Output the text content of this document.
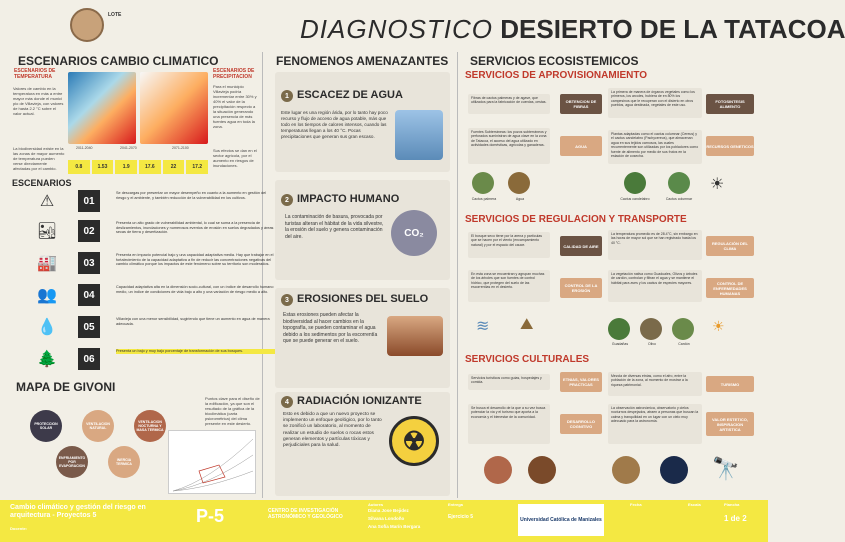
LOTE	DIAGNOSTICO DESIERTO DE LA TATACOA
ESCENARIOS CAMBIO CLIMATICO
ESCENARIOS DE TEMPERATURA
Valores de cambio en la temperatura en más a entre mayor más donde el munici pio de Villavieja, con valores de hasta 2.2 °C sobre el valor actual.
La biodiversidad existe en la las zonas de mayor aumento de temperatura pueden verse directamente afectadas por el cambio.
2011-2040	2041-2070	2071-2100
0.8	1.53	1.9	17.6	22	17.2
ESCENARIOS DE PRECIPITACION
Para el municipio Villavieja podría incrementar entre 30% y 40% el valor de la precipitación respecto a la situación generando una presencia de más fuentes agua en toda la zona.
Sus efectos se dan en el sector agrícola, por el aumento en riesgos de inundaciones.
ESCENARIOS
⚠	01
Se descargas por presentar un mayor desempeño en cuanto a la aumento en gestión del riesgo y el ambiente, y también reducción de la vulnerabilidad en los cultivos.
🏜	02
Presenta un alto grado de vulnerabilidad ambiental, lo cual se suma a la presencia de deslizamientos, inundaciones y numerosos eventos de erosión en suelos degradados y áreas secas de tierra y desertización.
🏭	03
Presenta en impacto potencial bajo y una capacidad adaptativa media. Hay que trabajar en el fortalecimiento de la capacidad adaptativa a fin de reducir las concentraciones negativas del cambio climático porque los impactos de este fenómeno sobre su territorio son moderados.
👥	04
Capacidad adaptativa alta en la dimensión socio-cultural, con un índice de desarrollo humano medio, un índice de condiciones de vida bajo a alto y una variación de riesgo medio a alto.
💧	05
Villavieja con una menor sensibilidad, sugiriendo que tiene un aumento en agua de manera adecuada.
🌲	06
Presenta un bajo y muy bajo porcentaje de transformación de sus bosques.
MAPA DE GIVONI
PROTECCION SOLAR
VENTILACION NATURAL
VENTILACION NOCTURNA Y MASA TERMICA
ENFRIAMIENTO POR EVAPORACION
INERCIA TERMICA
Puntos clave para el diseño de la edificación, ya que son el resultado de la gráfica de la bioclimática (carta psicrométrica) del clima presente en este desierto.
FENOMENOS AMENAZANTES
1 ESCACEZ DE AGUA
Este lugar es una región árida, por lo tanto hay poco recurso y flujo de acceso de agua potable, más que todo en los tiempos de calores intensos, cuando las temperaturas llegan a los 40 °C. Pocas precipitaciones que generan sus gran escaso.
2 IMPACTO HUMANO
La contaminación de basura, provocada por turistas alteran el hábitat de la vida silvestre, la erosión del suelo y genera contaminación del aire.	CO₂
3 EROSIONES DEL SUELO
Estas erosiones pueden afectar la biodiversidad al hacer cambios en la topografía, se pueden contaminar el agua debido a los sedimentos por la escorrentía que se puede generar en el suelo.
4 RADIACIÓN IONIZANTE
Esto es debido a que un nuevo proyecto se implemento un enfoque geológico, por lo tanto se zonificó un laboratorio, al momento de realizar un estudio de suelos o rocas estos generan elementos y partículas tóxicas y perjudiciales para la salud.	☢
SERVICIOS ECOSISTEMICOS
SERVICIOS DE APROVISIONAMIENTO
Fibras de cactus palmeras y de agave, que utilizados para la fabricación de cuerdas, cestas.	OBTENCION DE FIBRAS
La primera de manera de órganos vegetales como los primeros, los arcoles, hubiera de en 80% los campesinos que le recuperan con el disierto en otros pueblos, agua destinada, vegetales de este uso.
FOTOSINTESIS ALIMENTO
Fuentes Subterráneas: los pozos subterráneos y perforados suministran de agua clave en la zona de Tatacoa, el acceso del agua utilizado en actividades domésticas, agrícolas y ganaderas.	AGUA
Plantas adaptadas como el cactus columnar (Cereus) y el cactus candelabro (Pachycereus), que almacenan agua en sus tejidos carnosos, las cuales recurrentemente son utilizadas por los pobladores como fuente de alimento por medio de sus frutos en la estación de cosecha.
RECURSOS GENETICOS
☀
Cactus palmera	Agua	Cactus candelabro	Cactus columnar
SERVICIOS DE REGULACION Y TRANSPORTE
El bosque seco tiene por la arena y partículas que se hacen por el viento (encampamiento natural) y por el espacio del cauce.	CALIDAD DE AIRE
La temperatura promedio es de 28.4°C, sin embargo en las horas de mayor sol que se han registrado hasta los 40 °C.	REGULACIÓN DEL CLIMA
En esta zona se encuentran y agrupan muchas de los árboles que son fuentes de control hídrico, que protegen del suelo de las escorrentías en el desierto.	CONTROL DE LA EROSIÓN
La vegetación nativa como Guaduales, Olivos y árboles de cardón, controlan y filtran el agua y se mantiene el hábitat para aves y los cactus de especies mayores.	CONTROL DE ENFERMEDADES HUMANAS
≋ ⛰	☀
Guadañas	Olivo	Cardón
SERVICIOS CULTURALES
Servicios turísticos como guías, hospedajes y comida.
ETNIAS, VALORES PRACTICAS
Mezcla de diversas etnias, como el afro, entre la población de la zona, al momento de mostrar a la riqueza patrimonial.	TURISMO
Se busca el desarrollo de la que a su vez busca potenciar la vía y el turismo que aporta a la economía y el bienestar de la comunidad.
DESARROLLO COGNITIVO
La observación astronómica, observatorio y cielos nocturnos despejados, atraen a personas que buscan la calma y tranquilidad en un lugar con un cielo muy adecuado para la astronomía.	VALOR ESTETICO, INSPIRACION ARTISTICA
🔭
Cambio climático y gestión del riesgo en arquitectura - Proyectos 5
Docente:
P-5	CENTRO DE INVESTIGACIÓN ASTRONÓMICO Y GEOLÓGICO
Autores
Diana Jose Bejidez
Silvana Londoño
Ana Sofía Marín Bergara
Entrega
Ejercicio 5	Universidad Católica de Manizales
Fecha	Escala	Plancha
1 de 2
